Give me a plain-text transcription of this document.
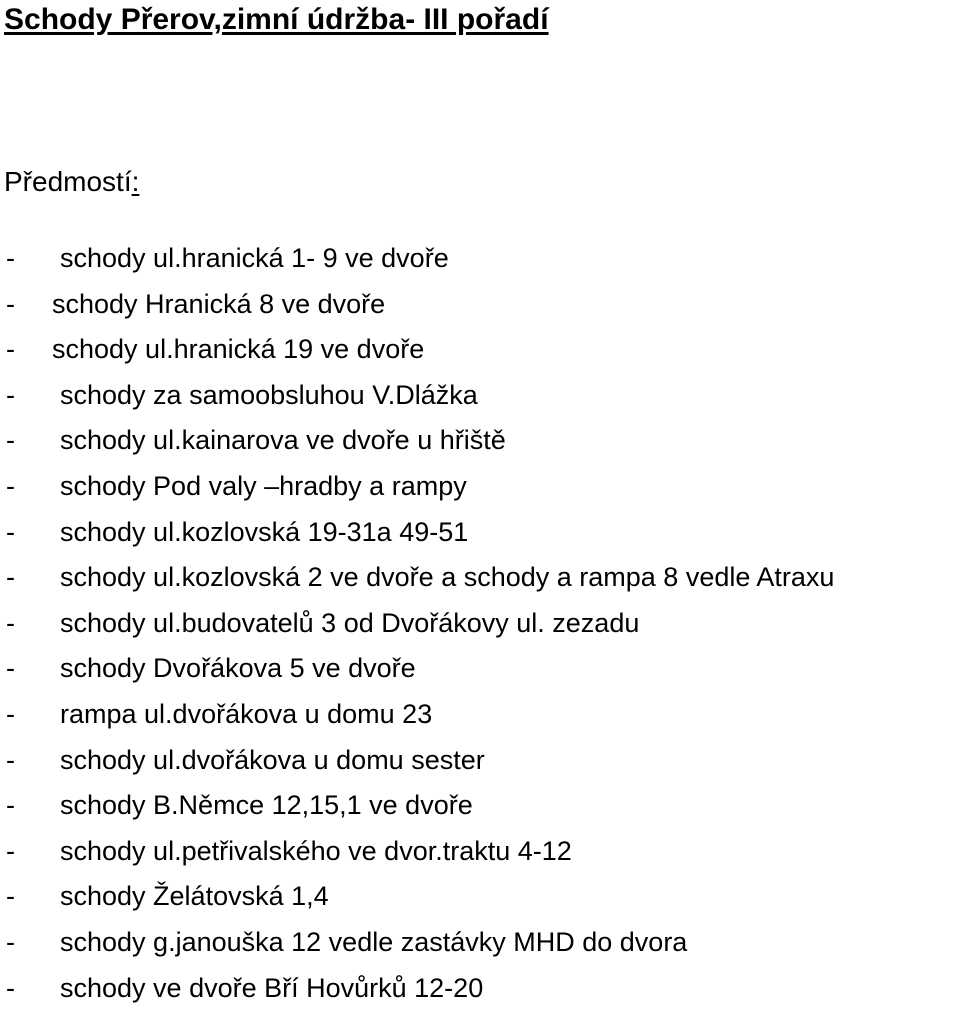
Schody Přerov,zimní údržba- III pořadí

Předmostí:

- schody ul.hranická 1- 9 ve dvoře
- schody Hranická 8 ve dvoře
- schody ul.hranická 19 ve dvoře
- schody za samoobsluhou V.Dlážka
- schody ul.kainarova ve dvoře u hřiště
- schody Pod valy –hradby a rampy
- schody ul.kozlovská 19-31a 49-51
- schody ul.kozlovská 2 ve dvoře a schody a rampa 8 vedle Atraxu
- schody ul.budovatelů 3 od Dvořákovy ul. zezadu
- schody Dvořákova 5 ve dvoře
- rampa ul.dvořákova u domu 23
- schody ul.dvořákova u domu sester
- schody B.Němce 12,15,1 ve dvoře
- schody ul.petřivalského ve dvor.traktu 4-12
- schody Želátovská 1,4
- schody g.janouška 12 vedle zastávky MHD do dvora
- schody ve dvoře Bří Hovůrků 12-20
